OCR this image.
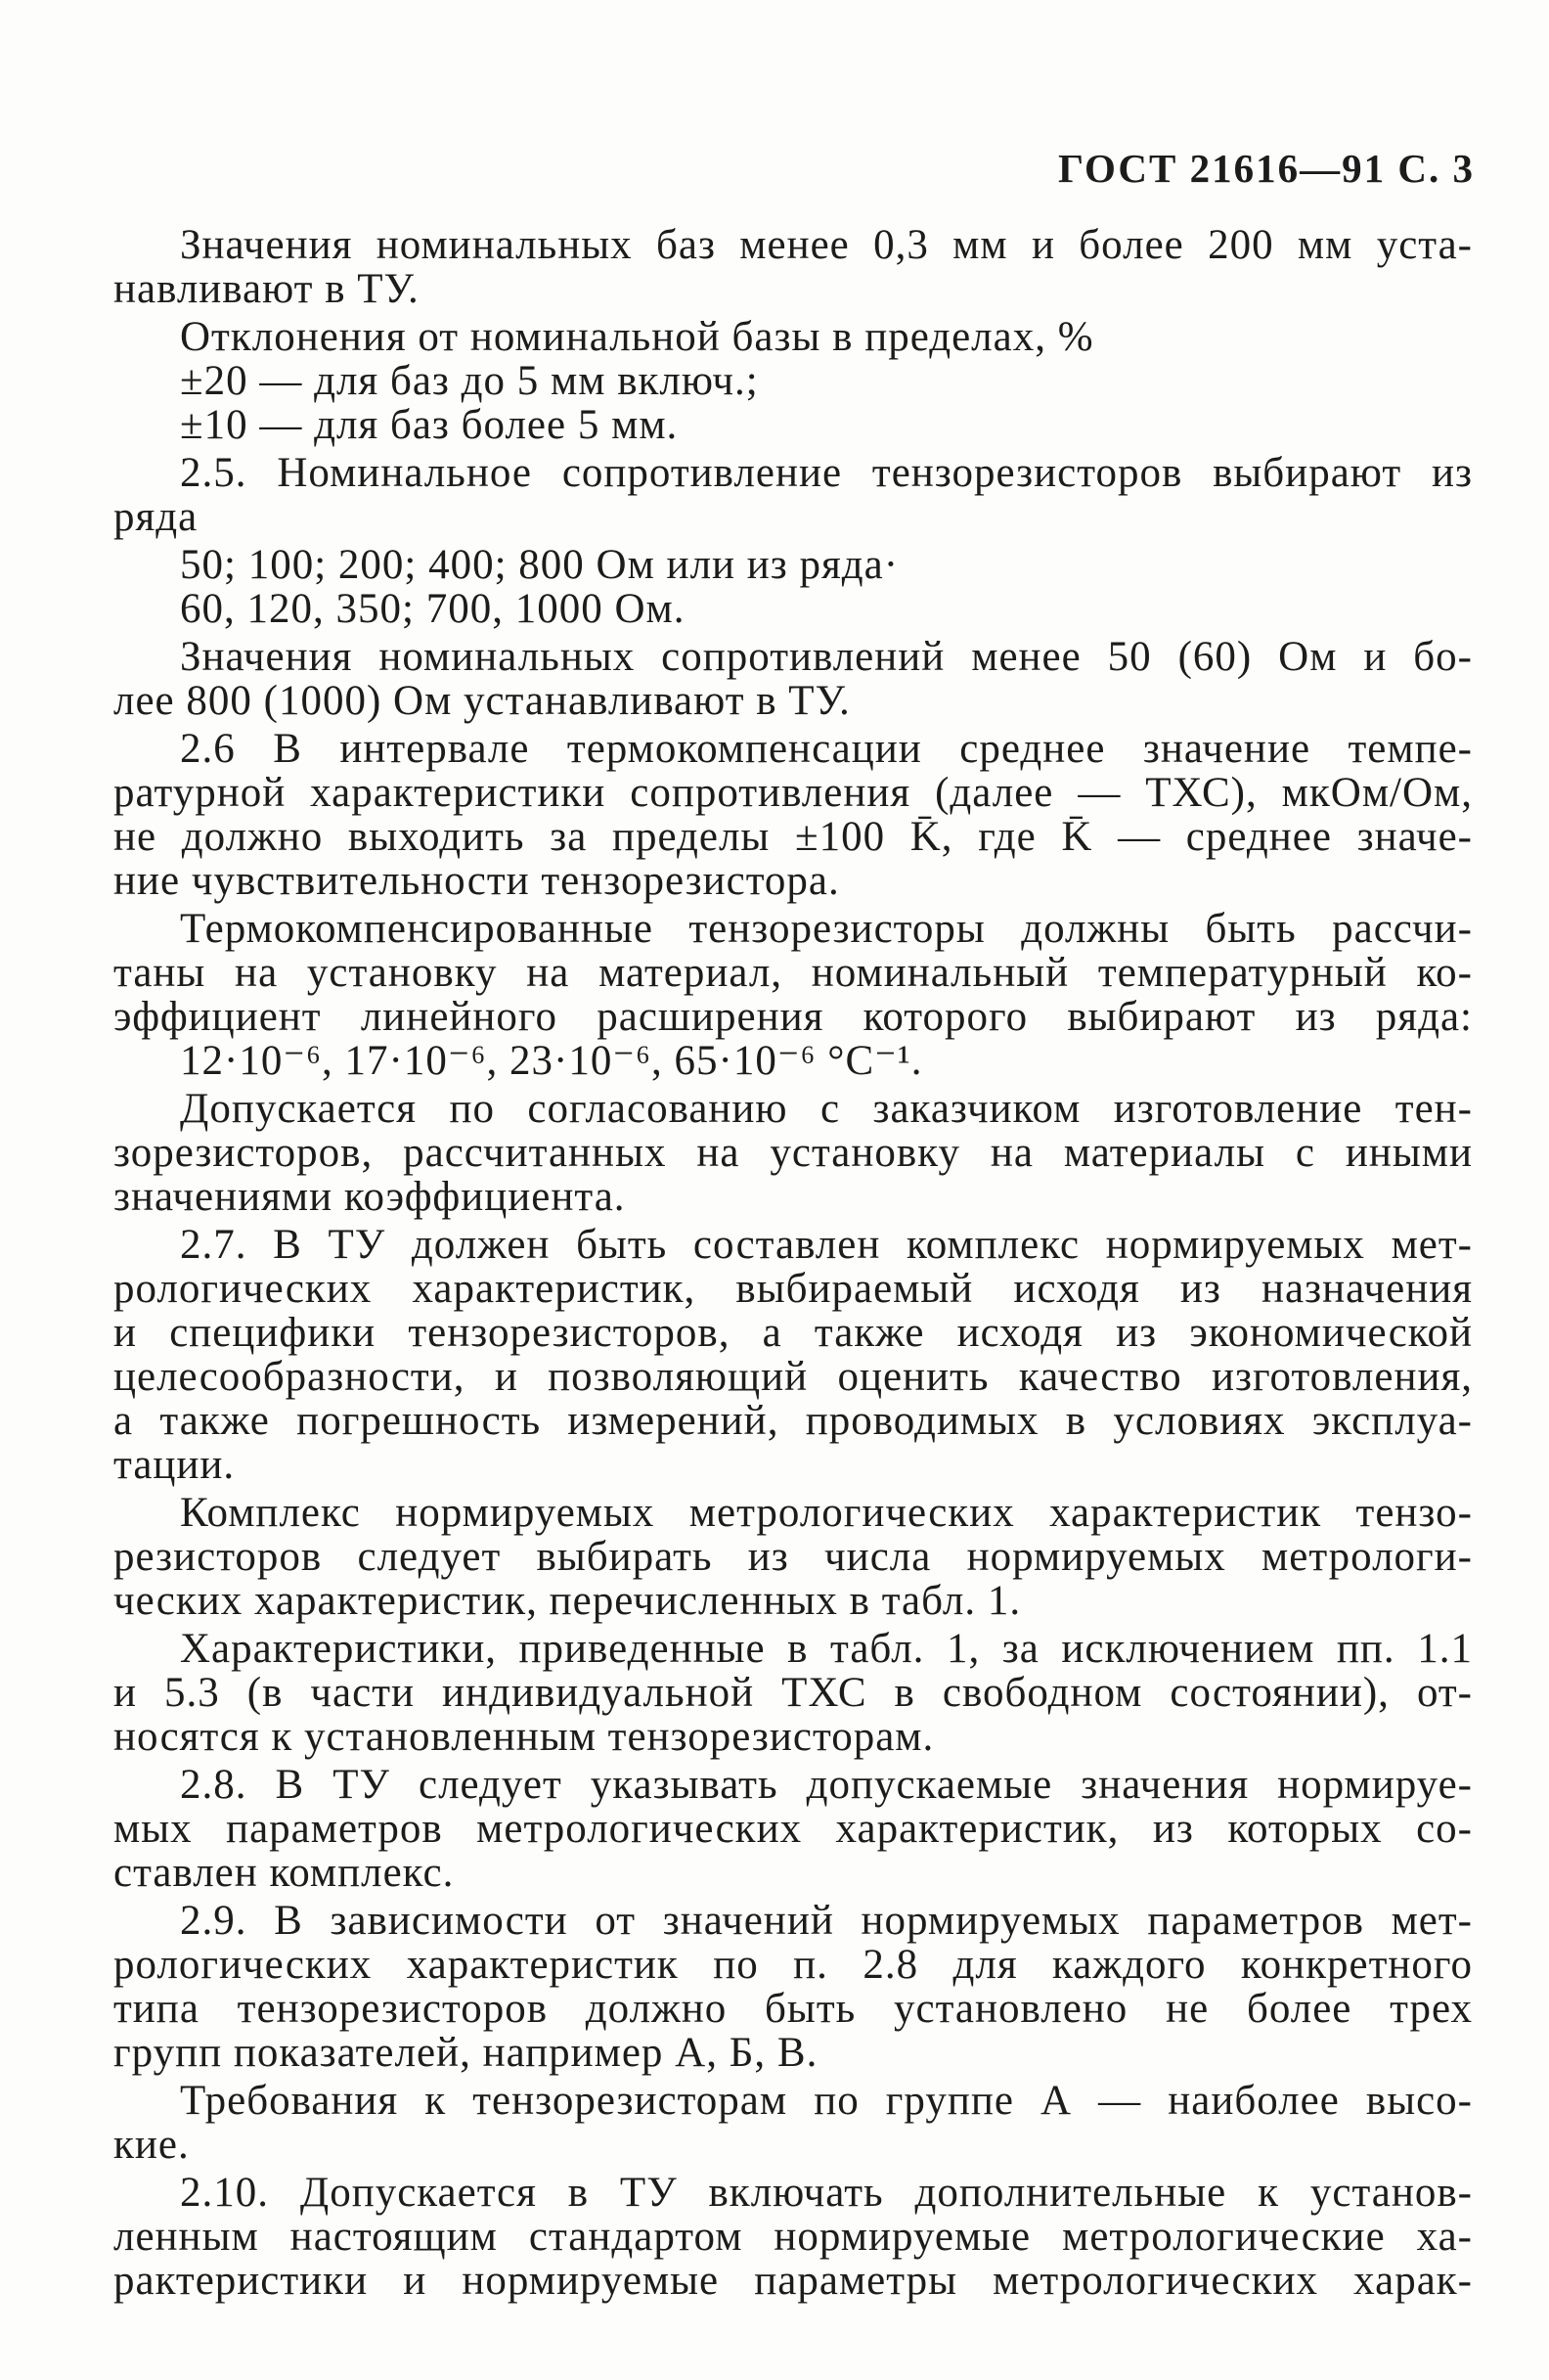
ГОСТ 21616—91 С. 3
Значения номинальных баз менее 0,3 мм и более 200 мм уста-
навливают в ТУ.
Отклонения от номинальной базы в пределах, %
±20 — для баз до 5 мм включ.;
±10 — для баз более 5 мм.
2.5. Номинальное сопротивление тензорезисторов выбирают из
ряда
50; 100; 200; 400; 800 Ом или из ряда·
60, 120, 350; 700, 1000 Ом.
Значения номинальных сопротивлений менее 50 (60) Ом и бо-
лее 800 (1000) Ом устанавливают в ТУ.
2.6 В интервале термокомпенсации среднее значение темпе-
ратурной характеристики сопротивления (далее — ТХС), мкОм/Ом,
не должно выходить за пределы ±100 K̄, где K̄ — среднее значе-
ние чувствительности тензорезистора.
Термокомпенсированные тензорезисторы должны быть рассчи-
таны на установку на материал, номинальный температурный ко-
эффициент линейного расширения которого выбирают из ряда:
12·10⁻⁶, 17·10⁻⁶, 23·10⁻⁶, 65·10⁻⁶ °С⁻¹.
Допускается по согласованию с заказчиком изготовление тен-
зорезисторов, рассчитанных на установку на материалы с иными
значениями коэффициента.
2.7. В ТУ должен быть составлен комплекс нормируемых мет-
рологических характеристик, выбираемый исходя из назначения
и специфики тензорезисторов, а также исходя из экономической
целесообразности, и позволяющий оценить качество изготовления,
а также погрешность измерений, проводимых в условиях эксплуа-
тации.
Комплекс нормируемых метрологических характеристик тензо-
резисторов следует выбирать из числа нормируемых метрологи-
ческих характеристик, перечисленных в табл. 1.
Характеристики, приведенные в табл. 1, за исключением пп. 1.1
и 5.3 (в части индивидуальной ТХС в свободном состоянии), от-
носятся к установленным тензорезисторам.
2.8. В ТУ следует указывать допускаемые значения нормируе-
мых параметров метрологических характеристик, из которых со-
ставлен комплекс.
2.9. В зависимости от значений нормируемых параметров мет-
рологических характеристик по п. 2.8 для каждого конкретного
типа тензорезисторов должно быть установлено не более трех
групп показателей, например А, Б, В.
Требования к тензорезисторам по группе А — наиболее высо-
кие.
2.10. Допускается в ТУ включать дополнительные к установ-
ленным настоящим стандартом нормируемые метрологические ха-
рактеристики и нормируемые параметры метрологических харак-
